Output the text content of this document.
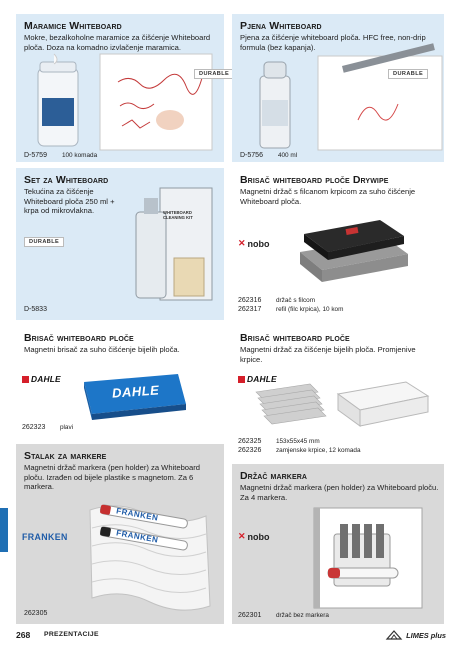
Maramice Whiteboard
Mokre, bezalkoholne maramice za čišćenje Whiteboard ploča. Doza na komadno izvlačenje maramica.
DURABLE
D-5759 100 komada
Pjena Whiteboard
Pjena za čišćenje whiteboard ploča. HFC free, non-drip formula (bez kapanja).
DURABLE
D-5756 400 ml
Set za Whiteboard
Tekućina za čišćenje Whiteboard ploča 250 ml + krpa od mikrovlakna.
DURABLE
WHITEBOARD CLEANING KIT
D-5833
Brisač whiteboard ploče Drywipe
Magnetni držač s filcanom krpicom za suho čišćenje Whiteboard ploča.
✕ nobo
262316 držač s filcom
262317 refil (filc krpica), 10 kom
Brisač whiteboard ploče
Magnetni brisač za suho čišćenje bijelih ploča.
DAHLE
DAHLE
262323 plavi
Brisač whiteboard ploče
Magnetni držač za čišćenje bijelih ploča. Promjenive krpice.
DAHLE
262325 153x55x45 mm
262326 zamjenske krpice, 12 komada
Stalak za markere
Magnetni držač markera (pen holder) za Whiteboard ploču. Izrađen od bijele plastike s magnetom. Za 6 markera.
FRANKEN
FRANKEN
FRANKEN
262305
Držač markera
Magnetni držač markera (pen holder) za Whiteboard ploču. Za 4 markera.
✕ nobo
262301 držač bez markera
268 PREZENTACIJE	LIMES plus
